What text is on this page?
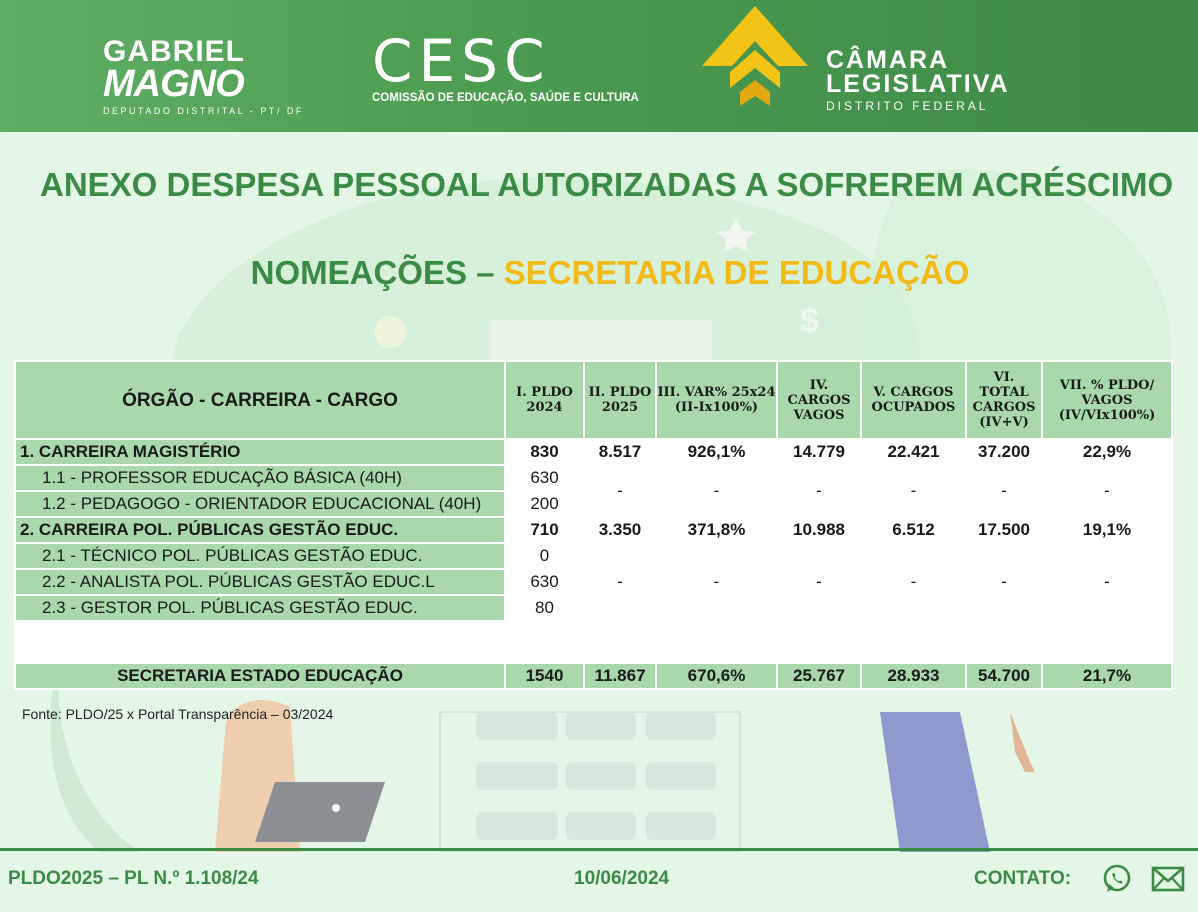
GABRIEL
MAGNO
DEPUTADO DISTRITAL - PT/ DF
CESC
COMISSÃO DE EDUCAÇÃO, SAÚDE E CULTURA
CÂMARA
LEGISLATIVA
DISTRITO FEDERAL
$
ANEXO DESPESA PESSOAL AUTORIZADAS A SOFREREM ACRÉSCIMO
NOMEAÇÕES – SECRETARIA DE EDUCAÇÃO
ÓRGÃO - CARREIRA - CARGO	I. PLDO 2024	II. PLDO 2025	III. VAR% 25x24 (II-Ix100%)	IV. CARGOS VAGOS	V. CARGOS OCUPADOS	VI. TOTAL CARGOS (IV+V)	VII. % PLDO/ VAGOS (IV/VIx100%)
1. CARREIRA MAGISTÉRIO	830	8.517	926,1%	14.779	22.421	37.200	22,9%
1.1 - PROFESSOR EDUCAÇÃO BÁSICA (40H)	630	-	-	-	-	-	-
1.2 - PEDAGOGO - ORIENTADOR EDUCACIONAL (40H)	200						
2. CARREIRA POL. PÚBLICAS GESTÃO EDUC.	710	3.350	371,8%	10.988	6.512	17.500	19,1%
2.1 - TÉCNICO POL. PÚBLICAS GESTÃO EDUC.	0	-	-	-	-	-	-
2.2 - ANALISTA POL. PÚBLICAS GESTÃO EDUC.L	630						
2.3 - GESTOR POL. PÚBLICAS GESTÃO EDUC.	80						

SECRETARIA ESTADO EDUCAÇÃO	1540	11.867	670,6%	25.767	28.933	54.700	21,7%
Fonte: PLDO/25 x Portal Transparência – 03/2024
PLDO2025 – PL N.º 1.108/24	10/06/2024	CONTATO:
